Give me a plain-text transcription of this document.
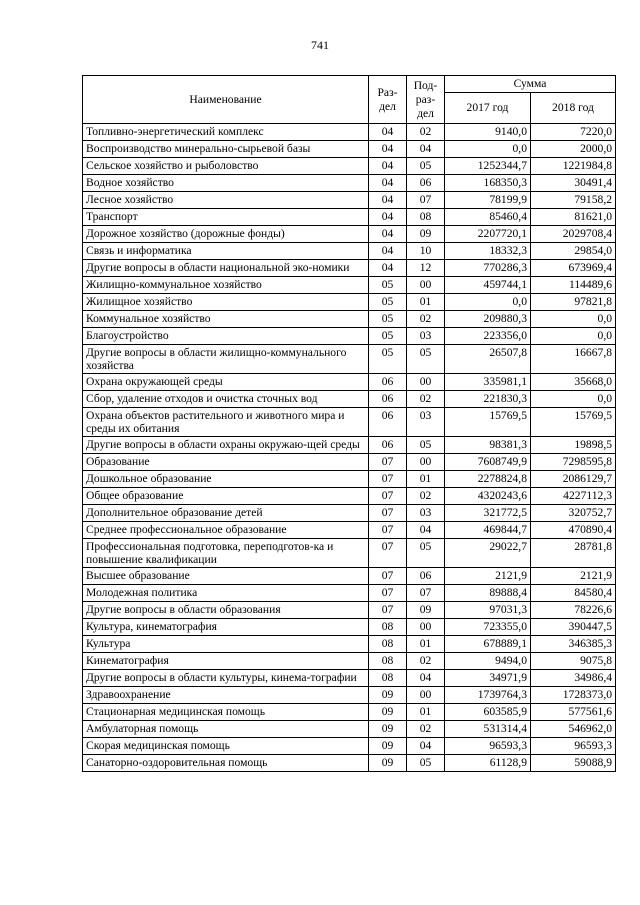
741
Наименование	Раз- дел	Под- раз- дел	Сумма	
			2017 год	2018 год
Топливно-энергетический комплекс	04	02	9140,0	7220,0
Воспроизводство минерально-сырьевой базы	04	04	0,0	2000,0
Сельское хозяйство и рыболовство	04	05	1252344,7	1221984,8
Водное хозяйство	04	06	168350,3	30491,4
Лесное хозяйство	04	07	78199,9	79158,2
Транспорт	04	08	85460,4	81621,0
Дорожное хозяйство (дорожные фонды)	04	09	2207720,1	2029708,4
Связь и информатика	04	10	18332,3	29854,0
Другие вопросы в области национальной эко-номики	04	12	770286,3	673969,4
Жилищно-коммунальное хозяйство	05	00	459744,1	114489,6
Жилищное хозяйство	05	01	0,0	97821,8
Коммунальное хозяйство	05	02	209880,3	0,0
Благоустройство	05	03	223356,0	0,0
Другие вопросы в области жилищно-коммунального хозяйства	05	05	26507,8	16667,8
Охрана окружающей среды	06	00	335981,1	35668,0
Сбор, удаление отходов и очистка сточных вод	06	02	221830,3	0,0
Охрана объектов растительного и животного мира и среды их обитания	06	03	15769,5	15769,5
Другие вопросы в области охраны окружаю-щей среды	06	05	98381,3	19898,5
Образование	07	00	7608749,9	7298595,8
Дошкольное образование	07	01	2278824,8	2086129,7
Общее образование	07	02	4320243,6	4227112,3
Дополнительное образование детей	07	03	321772,5	320752,7
Среднее профессиональное образование	07	04	469844,7	470890,4
Профессиональная подготовка, переподготов-ка и повышение квалификации	07	05	29022,7	28781,8
Высшее образование	07	06	2121,9	2121,9
Молодежная политика	07	07	89888,4	84580,4
Другие вопросы в области образования	07	09	97031,3	78226,6
Культура, кинематография	08	00	723355,0	390447,5
Культура	08	01	678889,1	346385,3
Кинематография	08	02	9494,0	9075,8
Другие вопросы в области культуры, кинема-тографии	08	04	34971,9	34986,4
Здравоохранение	09	00	1739764,3	1728373,0
Стационарная медицинская помощь	09	01	603585,9	577561,6
Амбулаторная помощь	09	02	531314,4	546962,0
Скорая медицинская помощь	09	04	96593,3	96593,3
Санаторно-оздоровительная помощь	09	05	61128,9	59088,9
